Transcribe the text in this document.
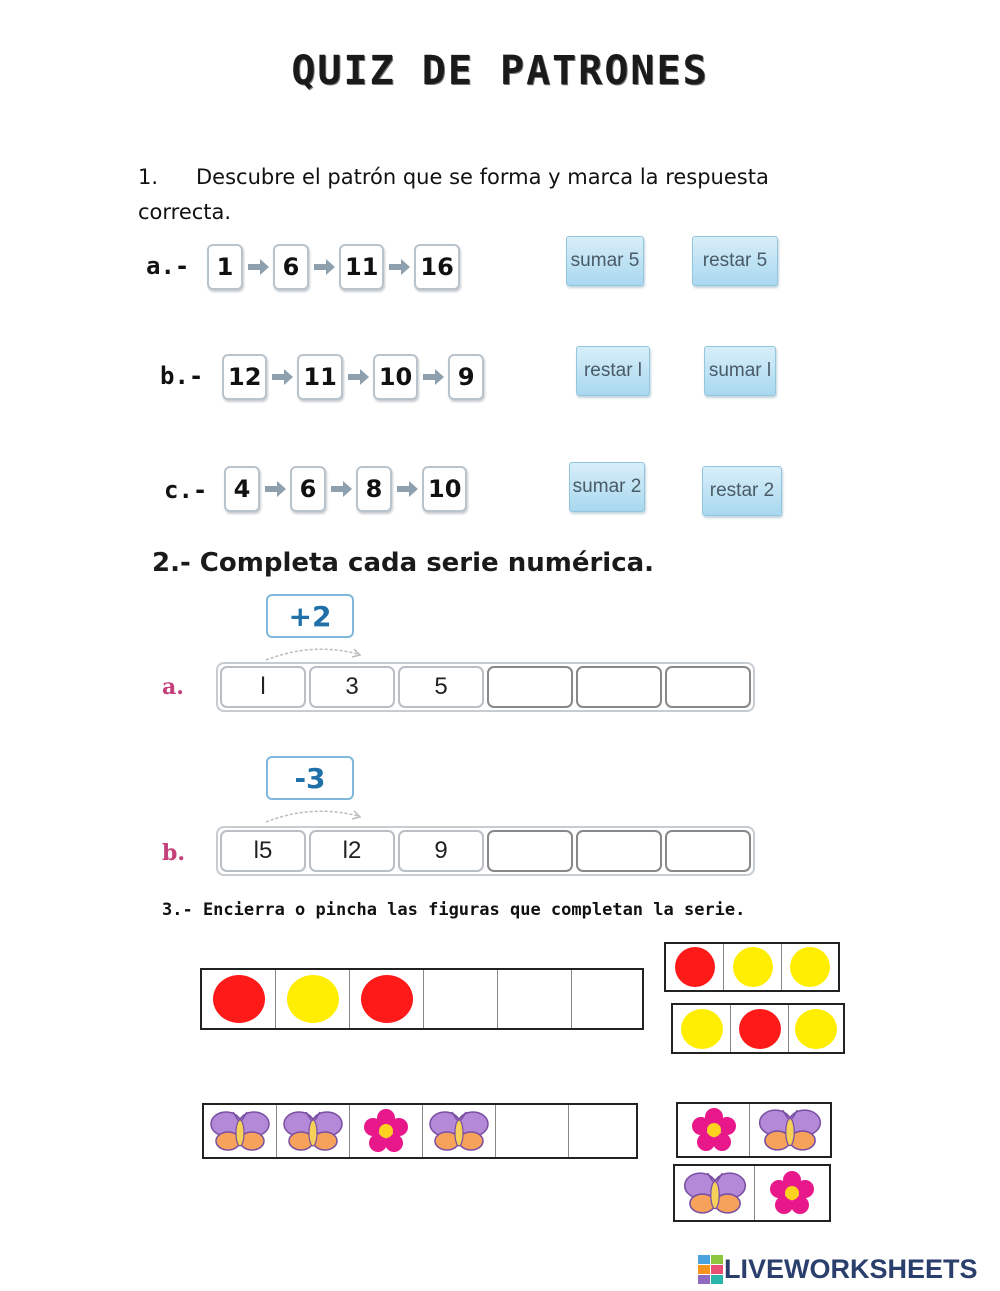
QUIZ DE PATRONES
1. Descubre el patrón que se forma y marca la respuesta correcta.
a.-	1	6	11 16	sumar 5	restar 5
b.- 12 11 10	9	restar l	sumar l
c.-	4	6	8	10	sumar 2	restar 2
2.- Completa cada serie numérica.
+2
a.	l	3	5
-3
b.	l5	l2	9
3.- Encierra o pincha las figuras que completan la serie.
LIVEWORKSHEETS
